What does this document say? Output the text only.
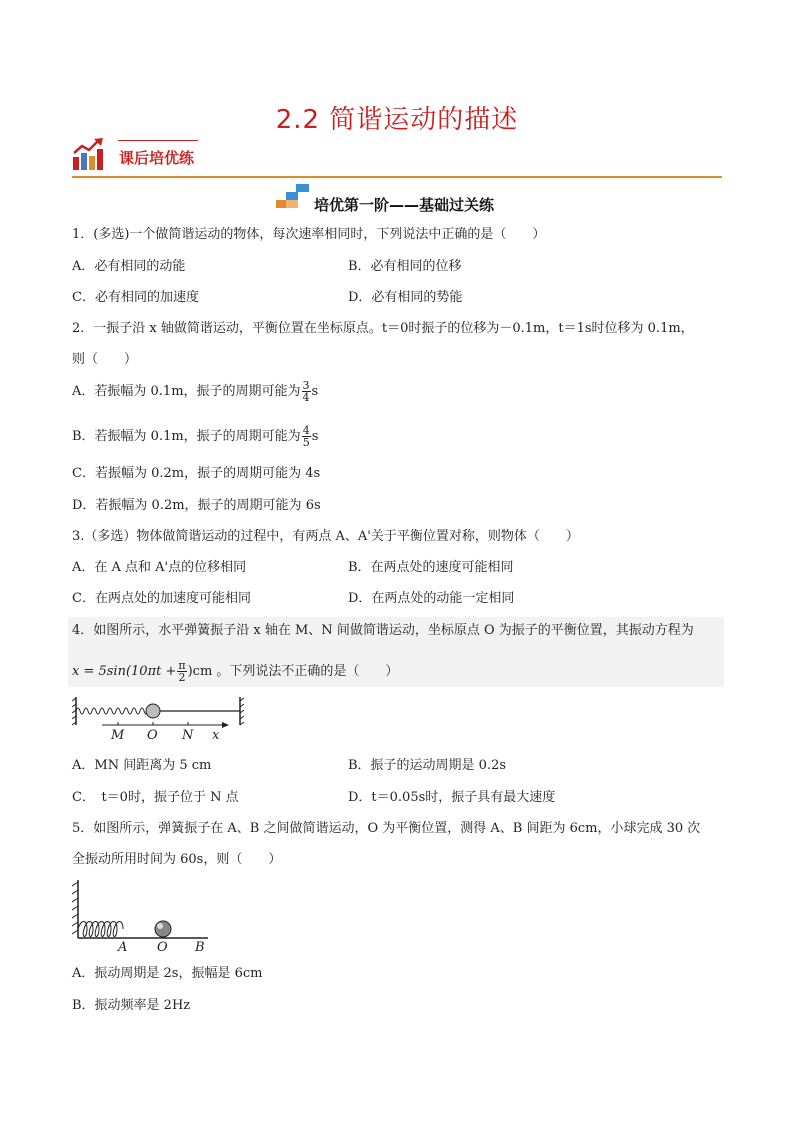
2.2 简谐运动的描述
课后培优练
培优第一阶——基础过关练
1．(多选)一个做简谐运动的物体，每次速率相同时，下列说法中正确的是（　　）
A．必有相同的动能	B．必有相同的位移
C．必有相同的加速度	D．必有相同的势能
2．一振子沿 x 轴做简谐运动，平衡位置在坐标原点。t＝0时振子的位移为－0.1m，t＝1s时位移为 0.1m，
则（　　）
A．若振幅为 0.1m，振子的周期可能为 $\frac{3}{4}$ s
B．若振幅为 0.1m，振子的周期可能为 $\frac{4}{5}$ s
C．若振幅为 0.2m，振子的周期可能为 4s
D．若振幅为 0.2m，振子的周期可能为 6s
3.（多选）物体做简谐运动的过程中，有两点 A、A'关于平衡位置对称，则物体（　　）
A．在 A 点和 A'点的位移相同	B．在两点处的速度可能相同
C．在两点处的加速度可能相同	D．在两点处的动能一定相同
4．如图所示，水平弹簧振子沿 x 轴在 M、N 间做简谐运动，坐标原点 O 为振子的平衡位置，其振动方程为
$x = 5\sin(10\pi t + \frac{\pi}{2} )cm$ 。下列说法不正确的是（　　）
M O N x
A．MN 间距离为 5 cm	B．振子的运动周期是 0.2s
C．　t＝0时，振子位于 N 点	D．t＝0.05s时，振子具有最大速度
5．如图所示，弹簧振子在 A、B 之间做简谐运动，O 为平衡位置，测得 A、B 间距为 6cm，小球完成 30 次
全振动所用时间为 60s，则（　　）
A O B
A．振动周期是 2s，振幅是 6cm
B．振动频率是 2Hz
